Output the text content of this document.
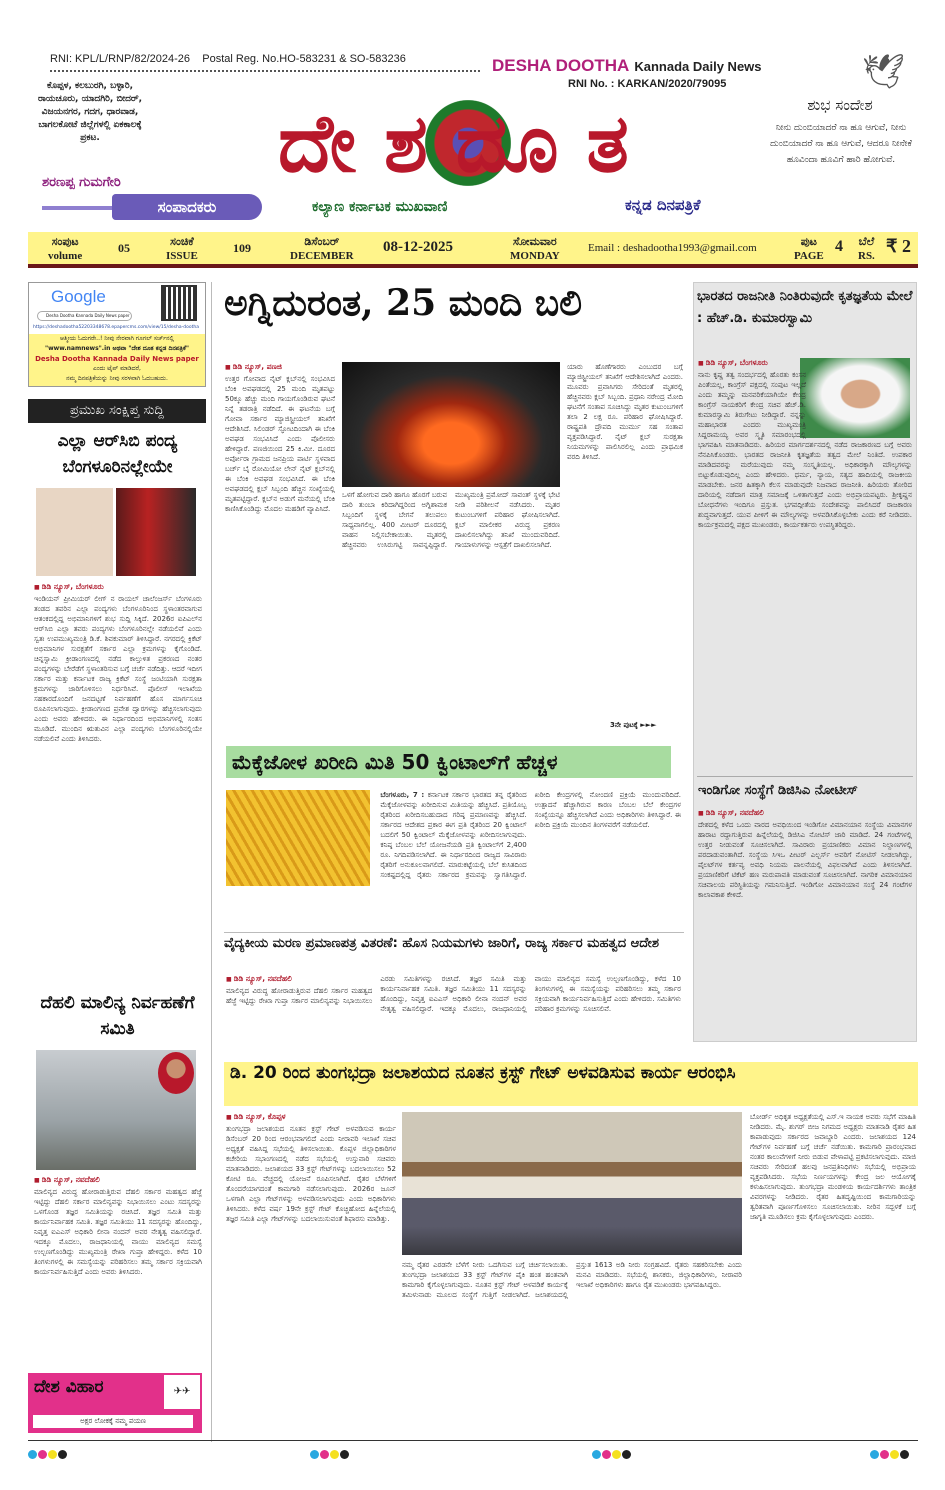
RNI: KPL/L/RNP/82/2024-26    Postal Reg. No.HO-583231 & SO-583236	DESHA DOOTHA Kannada Daily News	🕊
RNI No. : KARKAN/2020/79095
ಕೊಪ್ಪಳ, ಕಲಬುರಗಿ, ಬಳ್ಳಾರಿ, ರಾಯಚೂರು, ಯಾದಗಿರಿ, ಬೀದರ್, ವಿಜಯನಗರ, ಗದಗ, ಧಾರವಾಡ, ಬಾಗಲಕೋಟೆ ಜಿಲ್ಲೆಗಳಲ್ಲಿ ಏಕಕಾಲಕ್ಕೆ ಪ್ರಕಟ.
ಶರಣಪ್ಪ ಗುಮಗೇರಿ
ಸಂಪಾದಕರು
ದೇಶದೂತ
ಕಲ್ಯಾಣ ಕರ್ನಾಟಕ ಮುಖವಾಣಿ	ಕನ್ನಡ ದಿನಪತ್ರಿಕೆ
ಶುಭ ಸಂದೇಶ
ನೀನು ದುಂಬಿಯಾದರೆ ನಾ ಹೂ ಆಗುವೆ, ನೀನು ದುಂಬಿಯಾದರೆ ನಾ ಹೂ ಆಗುವೆ, ಆದರೂ ನೀನೇಕೆ ಹೂವಿಂದಾ ಹೂವಿಗೆ ಹಾರಿ ಹೋಗುವೆ.
ಸಂಪುಟ
volume
05	ಸಂಚಿಕೆ
ISSUE
109	ಡಿಸೆಂಬರ್
DECEMBER
08-12-2025	ಸೋಮವಾರ
MONDAY
Email : deshadootha1993@gmail.com	ಪುಟ
PAGE
4 ಬೆಲೆ
RS. ₹ 2
Google
Desha Dootha Kannada Daily News paper
https://deshadootha52203348678.epapercms.com/view/15/desha-dootha
ಆತ್ಮೀಯ ಓದುಗರೇ..! ನೀವು ನೇರವಾಗಿ ಗೂಗಲ್ ಸರ್ಚ್‌ನಲ್ಲಿ
"www.namnews".in ಅಥವಾ "ದೇಶ ದೂತ ಕನ್ನಡ ದಿನಪತ್ರಿಕೆ"
Desha Dootha Kannada Daily News paper
ಎಂದು ಟೈಪ್ ಮಾಡಿದರೆ,
ನಮ್ಮ ದಿನಪತ್ರಿಕೆಯನ್ನು ನೀವು ಸರಳವಾಗಿ ಓದಬಹುದು.
ಪ್ರಮುಖ ಸಂಕ್ಷಿಪ್ತ ಸುದ್ದಿ
ಎಲ್ಲಾ ಆರ್‌ಸಿಬಿ ಪಂದ್ಯ ಬೆಂಗಳೂರಿನಲ್ಲೇಯೇ
■ ಡಿಡಿ ನ್ಯೂಸ್, ಬೆಂಗಳೂರು
ಇಂಡಿಯನ್ ಪ್ರೀಮಿಯರ್ ಲೀಗ್ ನ ರಾಯಲ್ ಚಾಲೆಂಜರ್ಸ್ ಬೆಂಗಳೂರು ತಂಡದ ತವರಿನ ಎಲ್ಲಾ ಪಂದ್ಯಗಳು ಬೆಂಗಳೂರಿನಿಂದ ಸ್ಥಳಾಂತರವಾಗುವ ಆತಂಕದಲ್ಲಿದ್ದ ಅಭಿಮಾನಿಗಳಿಗೆ ಶುಭ ಸುದ್ದಿ ಸಿಕ್ಕಿದೆ. 2026ರ ಐಪಿಎಲ್‌ನ ಆರ್‌ಸಿಬಿ ಎಲ್ಲಾ ತವರು ಪಂದ್ಯಗಳು ಬೆಂಗಳೂರಿನಲ್ಲೇ ನಡೆಯಲಿವೆ ಎಂದು ಸ್ವತಃ ಉಪಮುಖ್ಯಮಂತ್ರಿ ಡಿ.ಕೆ. ಶಿವಕುಮಾರ್ ತಿಳಿಸಿದ್ದಾರೆ. ನಗರದಲ್ಲಿ ಕ್ರಿಕೆಟ್ ಅಭಿಮಾನಿಗಳ ಸುರಕ್ಷತೆಗೆ ಸರ್ಕಾರ ಎಲ್ಲಾ ಕ್ರಮಗಳನ್ನು ಕೈಗೊಂಡಿದೆ. ಚಿನ್ನಸ್ವಾಮಿ ಕ್ರೀಡಾಂಗಣದಲ್ಲಿ ನಡೆದ ಕಾಲ್ತುಳಿತ ಪ್ರಕರಣದ ನಂತರ ಪಂದ್ಯಗಳನ್ನು ಬೇರೆಡೆಗೆ ಸ್ಥಳಾಂತರಿಸುವ ಬಗ್ಗೆ ಚರ್ಚೆ ನಡೆದಿತ್ತು. ಆದರೆ ಇದೀಗ ಸರ್ಕಾರ ಮತ್ತು ಕರ್ನಾಟಕ ರಾಜ್ಯ ಕ್ರಿಕೆಟ್ ಸಂಸ್ಥೆ ಜಂಟಿಯಾಗಿ ಸುರಕ್ಷತಾ ಕ್ರಮಗಳನ್ನು ಜಾರಿಗೊಳಿಸಲು ನಿರ್ಧರಿಸಿವೆ. ಪೊಲೀಸ್ ಇಲಾಖೆಯ ಸಹಕಾರದೊಂದಿಗೆ ಜನದಟ್ಟಣೆ ನಿರ್ವಹಣೆಗೆ ಹೊಸ ಮಾರ್ಗಸೂಚಿ ರೂಪಿಸಲಾಗುವುದು. ಕ್ರೀಡಾಂಗಣದ ಪ್ರವೇಶ ದ್ವಾರಗಳನ್ನು ಹೆಚ್ಚಿಸಲಾಗುವುದು ಎಂದು ಅವರು ಹೇಳಿದರು. ಈ ನಿರ್ಧಾರದಿಂದ ಅಭಿಮಾನಿಗಳಲ್ಲಿ ಸಂತಸ ಮೂಡಿದೆ. ಮುಂದಿನ ಋತುವಿನ ಎಲ್ಲಾ ಪಂದ್ಯಗಳು ಬೆಂಗಳೂರಿನಲ್ಲಿಯೇ ನಡೆಯಲಿವೆ ಎಂದು ತಿಳಿಸಿದರು.
ದೆಹಲಿ ಮಾಲಿನ್ಯ ನಿರ್ವಹಣೆಗೆ ಸಮಿತಿ
■ ಡಿಡಿ ನ್ಯೂಸ್, ನವದೆಹಲಿ
ಮಾಲಿನ್ಯದ ವಿರುದ್ಧ ಹೋರಾಡುತ್ತಿರುವ ದೆಹಲಿ ಸರ್ಕಾರ ಮಹತ್ವದ ಹೆಜ್ಜೆ ಇಟ್ಟಿದ್ದು ದೆಹಲಿ ಸರ್ಕಾರ ಮಾಲಿನ್ಯವನ್ನು ನಿಭಾಯಿಸಲು ಎಂಟು ಸದಸ್ಯರನ್ನು ಒಳಗೊಂಡ ತಜ್ಞರ ಸಮಿತಿಯನ್ನು ರಚಿಸಿದೆ. ತಜ್ಞರ ಸಮಿತಿ ಮತ್ತು ಕಾರ್ಯನಿರ್ವಾಹಕ ಸಮಿತಿ. ತಜ್ಞರ ಸಮಿತಿಯು 11 ಸದಸ್ಯರನ್ನು ಹೊಂದಿದ್ದು, ನಿವೃತ್ತ ಐಎಎಸ್ ಅಧಿಕಾರಿ ಲೀನಾ ನಂದನ್ ಅವರ ನೇತೃತ್ವ ವಹಿಸಲಿದ್ದಾರೆ. ಇದಕ್ಕೂ ಮೊದಲು, ರಾಜಧಾನಿಯಲ್ಲಿ ವಾಯು ಮಾಲಿನ್ಯದ ಸಮಸ್ಯೆ ಉಲ್ಬಣಗೊಂಡಿದ್ದು ಮುಖ್ಯಮಂತ್ರಿ ರೇಖಾ ಗುಪ್ತಾ ಹೇಳಿದ್ದರು. ಕಳೆದ 10 ತಿಂಗಳುಗಳಲ್ಲಿ ಈ ಸಮಸ್ಯೆಯನ್ನು ಪರಿಹರಿಸಲು ತಮ್ಮ ಸರ್ಕಾರ ಸಕ್ರಿಯವಾಗಿ ಕಾರ್ಯನಿರ್ವಹಿಸುತ್ತಿದೆ ಎಂದು ಅವರು ತಿಳಿಸಿದರು.
ದೇಶ ವಿಹಾರ	✈✈
ಅಕ್ಷರ ಲೋಕಕ್ಕೆ ನಮ್ಮ ಪಯಣ
ಅಗ್ನಿದುರಂತ, 25 ಮಂದಿ ಬಲಿ
■ ಡಿಡಿ ನ್ಯೂಸ್, ಪಣಜಿ
ಉತ್ತರ ಗೋವಾದ ನೈಟ್ ಕ್ಲಬ್‌ನಲ್ಲಿ ಸಂಭವಿಸಿದ ಬೆಂಕಿ ಅವಘಡದಲ್ಲಿ 25 ಮಂದಿ ಮೃತಪಟ್ಟು 50ಕ್ಕೂ ಹೆಚ್ಚು ಮಂದಿ ಗಾಯಗೊಂಡಿರುವ ಘಟನೆ ನಿನ್ನೆ ತಡರಾತ್ರಿ ನಡೆದಿದೆ. ಈ ಘಟನೆಯ ಬಗ್ಗೆ ಗೋವಾ ಸರ್ಕಾರ ಮ್ಯಾಜಿಸ್ಟ್ರೀಯಲ್ ತನಿಖೆಗೆ ಆದೇಶಿಸಿದೆ. ಸಿಲಿಂಡರ್ ಸ್ಫೋಟದಿಂದಾಗಿ ಈ ಬೆಂಕಿ ಅವಘಡ ಸಂಭವಿಸಿದೆ ಎಂದು ಪೊಲೀಸರು ಹೇಳಿದ್ದಾರೆ. ಪಣಜಿಯಿಂದ 25 ಕಿ.ಮೀ. ದೂರದ ಅರ್ಪೋರಾ ಗ್ರಾಮದ ಜನಪ್ರಿಯ ಪಾರ್ಟಿ ಸ್ಥಳವಾದ ಬರ್ಚ್ ಬೈ ರೋಮಿಯೋ ಲೇನ್ ನೈಟ್ ಕ್ಲಬ್‌ನಲ್ಲಿ ಈ ಬೆಂಕಿ ಅವಘಡ ಸಂಭವಿಸಿದೆ. ಈ ಬೆಂಕಿ ಅವಘಡದಲ್ಲಿ ಕ್ಲಬ್ ಸಿಬ್ಬಂದಿ ಹೆಚ್ಚಿನ ಸಂಖ್ಯೆಯಲ್ಲಿ ಮೃತಪಟ್ಟಿದ್ದಾರೆ. ಕ್ಲಬ್‌ನ ಅಡುಗೆ ಮನೆಯಲ್ಲಿ ಬೆಂಕಿ ಕಾಣಿಸಿಕೊಂಡಿದ್ದು ಮೊದಲ ಮಹಡಿಗೆ ವ್ಯಾಪಿಸಿದೆ.
ಒಳಗೆ ಹೋಗುವ ದಾರಿ ಹಾಗೂ ಹೊರಗೆ ಬರುವ ದಾರಿ ತುಂಬಾ ಕಿರಿದಾಗಿದ್ದರಿಂದ ಅಗ್ನಿಶಾಮಕ ಸಿಬ್ಬಂದಿಗೆ ಸ್ಥಳಕ್ಕೆ ಬೇಗನೆ ತಲುಪಲು ಸಾಧ್ಯವಾಗಲಿಲ್ಲ. 400 ಮೀಟರ್ ದೂರದಲ್ಲಿ ವಾಹನ ನಿಲ್ಲಿಸಬೇಕಾಯಿತು. ಮೃತರಲ್ಲಿ ಹೆಚ್ಚಿನವರು ಉಸಿರುಗಟ್ಟಿ ಸಾವನ್ನಪ್ಪಿದ್ದಾರೆ. ಮುಖ್ಯಮಂತ್ರಿ ಪ್ರಮೋದ್ ಸಾವಂತ್ ಸ್ಥಳಕ್ಕೆ ಭೇಟಿ ನೀಡಿ ಪರಿಶೀಲನೆ ನಡೆಸಿದರು. ಮೃತರ ಕುಟುಂಬಗಳಿಗೆ ಪರಿಹಾರ ಘೋಷಿಸಲಾಗಿದೆ. ಕ್ಲಬ್ ಮಾಲೀಕರ ವಿರುದ್ಧ ಪ್ರಕರಣ ದಾಖಲಿಸಲಾಗಿದ್ದು ತನಿಖೆ ಮುಂದುವರಿದಿದೆ. ಗಾಯಾಳುಗಳನ್ನು ಆಸ್ಪತ್ರೆಗೆ ದಾಖಲಿಸಲಾಗಿದೆ.
ಯಾರು ಹೊಣೆಗಾರರು ಎಂಬುದರ ಬಗ್ಗೆ ಮ್ಯಾಜಿಸ್ಟ್ರೀಯಲ್ ತನಿಖೆಗೆ ಆದೇಶಿಸಲಾಗಿದೆ ಎಂದರು. ಮೂವರು ಪ್ರವಾಸಿಗರು ಸೇರಿದಂತೆ ಮೃತರಲ್ಲಿ ಹೆಚ್ಚಿನವರು ಕ್ಲಬ್ ಸಿಬ್ಬಂದಿ. ಪ್ರಧಾನಿ ನರೇಂದ್ರ ಮೋದಿ ಘಟನೆಗೆ ಸಂತಾಪ ಸೂಚಿಸಿದ್ದು ಮೃತರ ಕುಟುಂಬಗಳಿಗೆ ತಲಾ 2 ಲಕ್ಷ ರೂ. ಪರಿಹಾರ ಘೋಷಿಸಿದ್ದಾರೆ. ರಾಷ್ಟ್ರಪತಿ ದ್ರೌಪದಿ ಮುರ್ಮು ಸಹ ಸಂತಾಪ ವ್ಯಕ್ತಪಡಿಸಿದ್ದಾರೆ. ನೈಟ್ ಕ್ಲಬ್ ಸುರಕ್ಷತಾ ನಿಯಮಗಳನ್ನು ಪಾಲಿಸಿರಲಿಲ್ಲ ಎಂದು ಪ್ರಾಥಮಿಕ ವರದಿ ತಿಳಿಸಿದೆ.
3ನೇ ಪುಟಕ್ಕೆ ►►►
ಮೆಕ್ಕೆಜೋಳ ಖರೀದಿ ಮಿತಿ 50 ಕ್ವಿಂಟಾಲ್‌ಗೆ ಹೆಚ್ಚಳ
ಬೆಂಗಳೂರು, 7 : ಕರ್ನಾಟಕ ಸರ್ಕಾರ ಭಾರತದ ತನ್ನ ರೈತರಿಂದ ಮೆಕ್ಕೆಜೋಳವನ್ನು ಖರೀದಿಸುವ ಮಿತಿಯನ್ನು ಹೆಚ್ಚಿಸಿದೆ. ಪ್ರತಿಯೊಬ್ಬ ರೈತರಿಂದ ಖರೀದಿಸಬಹುದಾದ ಗರಿಷ್ಠ ಪ್ರಮಾಣವನ್ನು ಹೆಚ್ಚಿಸಿದೆ. ಸರ್ಕಾರದ ಆದೇಶದ ಪ್ರಕಾರ ಈಗ ಪ್ರತಿ ರೈತರಿಂದ 20 ಕ್ವಿಂಟಾಲ್ ಬದಲಿಗೆ 50 ಕ್ವಿಂಟಾಲ್ ಮೆಕ್ಕೆಜೋಳವನ್ನು ಖರೀದಿಸಲಾಗುವುದು. ಕನಿಷ್ಠ ಬೆಂಬಲ ಬೆಲೆ ಯೋಜನೆಯಡಿ ಪ್ರತಿ ಕ್ವಿಂಟಾಲ್‌ಗೆ 2,400 ರೂ. ನಿಗದಿಪಡಿಸಲಾಗಿದೆ. ಈ ನಿರ್ಧಾರದಿಂದ ರಾಜ್ಯದ ಸಾವಿರಾರು ರೈತರಿಗೆ ಅನುಕೂಲವಾಗಲಿದೆ. ಮಾರುಕಟ್ಟೆಯಲ್ಲಿ ಬೆಲೆ ಕುಸಿತದಿಂದ ಸಂಕಷ್ಟದಲ್ಲಿದ್ದ ರೈತರು ಸರ್ಕಾರದ ಕ್ರಮವನ್ನು ಸ್ವಾಗತಿಸಿದ್ದಾರೆ. ಖರೀದಿ ಕೇಂದ್ರಗಳಲ್ಲಿ ನೋಂದಣಿ ಪ್ರಕ್ರಿಯೆ ಮುಂದುವರಿದಿದೆ. ಉತ್ಪಾದನೆ ಹೆಚ್ಚಾಗಿರುವ ಕಾರಣ ಬೆಂಬಲ ಬೆಲೆ ಕೇಂದ್ರಗಳ ಸಂಖ್ಯೆಯನ್ನೂ ಹೆಚ್ಚಿಸಲಾಗಿದೆ ಎಂದು ಅಧಿಕಾರಿಗಳು ತಿಳಿಸಿದ್ದಾರೆ. ಈ ಖರೀದಿ ಪ್ರಕ್ರಿಯೆ ಮುಂದಿನ ತಿಂಗಳವರೆಗೆ ನಡೆಯಲಿದೆ.
ವೈದ್ಯಕೀಯ ಮರಣ ಪ್ರಮಾಣಪತ್ರ ವಿತರಣೆ: ಹೊಸ ನಿಯಮಗಳು ಜಾರಿಗೆ, ರಾಜ್ಯ ಸರ್ಕಾರ ಮಹತ್ವದ ಆದೇಶ
■ ಡಿಡಿ ನ್ಯೂಸ್, ನವದೆಹಲಿ
ಮಾಲಿನ್ಯದ ವಿರುದ್ಧ ಹೋರಾಡುತ್ತಿರುವ ದೆಹಲಿ ಸರ್ಕಾರ ಮಹತ್ವದ ಹೆಜ್ಜೆ ಇಟ್ಟಿದ್ದು ರೇಖಾ ಗುಪ್ತಾ ಸರ್ಕಾರ ಮಾಲಿನ್ಯವನ್ನು ನಿಭಾಯಿಸಲು ಎರಡು ಸಮಿತಿಗಳನ್ನು ರಚಿಸಿದೆ. ತಜ್ಞರ ಸಮಿತಿ ಮತ್ತು ಕಾರ್ಯನಿರ್ವಾಹಕ ಸಮಿತಿ. ತಜ್ಞರ ಸಮಿತಿಯು 11 ಸದಸ್ಯರನ್ನು ಹೊಂದಿದ್ದು, ನಿವೃತ್ತ ಐಎಎಸ್ ಅಧಿಕಾರಿ ಲೀನಾ ನಂದನ್ ಅವರ ನೇತೃತ್ವ ವಹಿಸಲಿದ್ದಾರೆ. ಇದಕ್ಕೂ ಮೊದಲು, ರಾಜಧಾನಿಯಲ್ಲಿ ವಾಯು ಮಾಲಿನ್ಯದ ಸಮಸ್ಯೆ ಉಲ್ಬಣಗೊಂಡಿದ್ದು, ಕಳೆದ 10 ತಿಂಗಳುಗಳಲ್ಲಿ ಈ ಸಮಸ್ಯೆಯನ್ನು ಪರಿಹರಿಸಲು ತಮ್ಮ ಸರ್ಕಾರ ಸಕ್ರಿಯವಾಗಿ ಕಾರ್ಯನಿರ್ವಹಿಸುತ್ತಿದೆ ಎಂದು ಹೇಳಿದರು. ಸಮಿತಿಗಳು ಪರಿಹಾರ ಕ್ರಮಗಳನ್ನು ಸೂಚಿಸಲಿವೆ.
ಭಾರತದ ರಾಜನೀತಿ ನಿಂತಿರುವುದೇ ಕೃತಜ್ಞತೆಯ ಮೇಲೆ : ಹೆಚ್.ಡಿ. ಕುಮಾರಸ್ವಾಮಿ
■ ಡಿಡಿ ನ್ಯೂಸ್, ಬೆಂಗಳೂರು
ನಾನು ಕೃಷ್ಣ ತತ್ವ ಸಂದರ್ಭದಲ್ಲಿ ಹೊರತು ಕಂಸನ ಪಿಂತೆಯಲ್ಲ, ಕಾಂಗ್ರೆಸ್ ಪಕ್ಷದಲ್ಲಿ ಸಂಪುಟ ಇಲ್ಲದೆ ಎಂದು ತಮ್ಮನ್ನು ಮನವರಿಕೆಯಾಗಿಯೇ ಕೇಂದ್ರ ಕಾಂಗ್ರೆಸ್ ನಾಯಕರಿಗೆ ಕೇಂದ್ರ ಸಚಿವ ಹೆಚ್.ಡಿ. ಕುಮಾರಸ್ವಾಮಿ ತಿರುಗೇಟು ನೀಡಿದ್ದಾರೆ. ನನ್ನನ್ನು ಮಹಾಭಾರತ ಎಂದರು ಮುಖ್ಯಮಂತ್ರಿ ಸಿದ್ದರಾಮಯ್ಯ ಅವರ ಸ್ಮೃತಿ ಸಮಾರಂಭದಲ್ಲಿ ಭಾಗವಹಿಸಿ ಮಾತನಾಡಿದರು. ಹಿರಿಯರ ಮಾರ್ಗದರ್ಶನದಲ್ಲಿ ನಡೆದ ರಾಜಕಾರಣದ ಬಗ್ಗೆ ಅವರು ನೆನಪಿಸಿಕೊಂಡರು. ಭಾರತದ ರಾಜನೀತಿ ಕೃತಜ್ಞತೆಯ ತತ್ವದ ಮೇಲೆ ನಿಂತಿದೆ. ಉಪಕಾರ ಮಾಡಿದವರನ್ನು ಮರೆಯುವುದು ನಮ್ಮ ಸಂಸ್ಕೃತಿಯಲ್ಲ. ಅಧಿಕಾರಕ್ಕಾಗಿ ಮೌಲ್ಯಗಳನ್ನು ಬಿಟ್ಟುಕೊಡುವುದಿಲ್ಲ ಎಂದು ಹೇಳಿದರು. ಧರ್ಮ, ನ್ಯಾಯ, ಸತ್ಯದ ಹಾದಿಯಲ್ಲಿ ರಾಜಕೀಯ ಮಾಡಬೇಕು. ಜನರ ಹಿತಕ್ಕಾಗಿ ಕೆಲಸ ಮಾಡುವುದೇ ನಿಜವಾದ ರಾಜನೀತಿ. ಹಿರಿಯರು ತೋರಿದ ದಾರಿಯಲ್ಲಿ ನಡೆದಾಗ ಮಾತ್ರ ಸಮಾಜಕ್ಕೆ ಒಳಿತಾಗುತ್ತದೆ ಎಂದು ಅಭಿಪ್ರಾಯಪಟ್ಟರು. ಶ್ರೀಕೃಷ್ಣನ ಬೋಧನೆಗಳು ಇಂದಿಗೂ ಪ್ರಸ್ತುತ. ಭಗವದ್ಗೀತೆಯ ಸಂದೇಶವನ್ನು ಪಾಲಿಸಿದರೆ ರಾಜಕಾರಣ ಶುದ್ಧವಾಗುತ್ತದೆ. ಯುವ ಪೀಳಿಗೆ ಈ ಮೌಲ್ಯಗಳನ್ನು ಅಳವಡಿಸಿಕೊಳ್ಳಬೇಕು ಎಂದು ಕರೆ ನೀಡಿದರು. ಕಾರ್ಯಕ್ರಮದಲ್ಲಿ ಪಕ್ಷದ ಮುಖಂಡರು, ಕಾರ್ಯಕರ್ತರು ಉಪಸ್ಥಿತರಿದ್ದರು.
ಇಂಡಿಗೋ ಸಂಸ್ಥೆಗೆ ಡಿಜಿಸಿಎ ನೋಟೀಸ್
■ ಡಿಡಿ ನ್ಯೂಸ್, ನವದೆಹಲಿ
ದೇಶದಲ್ಲಿ ಕಳೆದ ಒಂದು ವಾರದ ಅವಧಿಯಿಂದ ಇಂಡಿಗೋ ವಿಮಾನಯಾನ ಸಂಸ್ಥೆಯ ವಿಮಾನಗಳ ಹಾರಾಟ ರದ್ದಾಗುತ್ತಿರುವ ಹಿನ್ನೆಲೆಯಲ್ಲಿ ಡಿಜಿಸಿಎ ನೋಟಿಸ್ ಜಾರಿ ಮಾಡಿದೆ. 24 ಗಂಟೆಗಳಲ್ಲಿ ಉತ್ತರ ನೀಡುವಂತೆ ಸೂಚಿಸಲಾಗಿದೆ. ಸಾವಿರಾರು ಪ್ರಯಾಣಿಕರು ವಿಮಾನ ನಿಲ್ದಾಣಗಳಲ್ಲಿ ಪರದಾಡುವಂತಾಗಿದೆ. ಸಂಸ್ಥೆಯ ಸಿಇಒ ಪೀಟರ್ ಎಲ್ಬರ್ಸ್ ಅವರಿಗೆ ನೋಟಿಸ್ ನೀಡಲಾಗಿದ್ದು, ಪೈಲಟ್‌ಗಳ ಕರ್ತವ್ಯ ಅವಧಿ ನಿಯಮ ಪಾಲನೆಯಲ್ಲಿ ವಿಫಲವಾಗಿದೆ ಎಂದು ತಿಳಿಸಲಾಗಿದೆ. ಪ್ರಯಾಣಿಕರಿಗೆ ಟಿಕೆಟ್ ಹಣ ಮರುಪಾವತಿ ಮಾಡುವಂತೆ ಸೂಚಿಸಲಾಗಿದೆ. ನಾಗರಿಕ ವಿಮಾನಯಾನ ಸಚಿವಾಲಯ ಪರಿಸ್ಥಿತಿಯನ್ನು ಗಮನಿಸುತ್ತಿದೆ. ಇಂಡಿಗೋ ವಿಮಾನಯಾನ ಸಂಸ್ಥೆ 24 ಗಂಟೆಗಳ ಕಾಲಾವಕಾಶ ಕೇಳಿದೆ.
ಡಿ. 20 ರಿಂದ ತುಂಗಭದ್ರಾ ಜಲಾಶಯದ ನೂತನ ಕ್ರಸ್ಟ್ ಗೇಟ್ ಅಳವಡಿಸುವ ಕಾರ್ಯ ಆರಂಭಿಸಿ
■ ಡಿಡಿ ನ್ಯೂಸ್, ಕೊಪ್ಪಳ
ತುಂಗಭದ್ರಾ ಜಲಾಶಯದ ನೂತನ ಕ್ರಸ್ಟ್ ಗೇಟ್ ಅಳವಡಿಸುವ ಕಾರ್ಯ ಡಿಸೆಂಬರ್ 20 ರಿಂದ ಆರಂಭವಾಗಲಿದೆ ಎಂದು ನೀರಾವರಿ ಇಲಾಖೆ ಸಚಿವ ಅಧ್ಯಕ್ಷತೆ ವಹಿಸಿದ್ದ ಸಭೆಯಲ್ಲಿ ತಿಳಿಸಲಾಯಿತು. ಕೊಪ್ಪಳ ಜಿಲ್ಲಾಧಿಕಾರಿಗಳ ಕಚೇರಿಯ ಸಭಾಂಗಣದಲ್ಲಿ ನಡೆದ ಸಭೆಯಲ್ಲಿ ಉಸ್ತುವಾರಿ ಸಚಿವರು ಮಾತನಾಡಿದರು. ಜಲಾಶಯದ 33 ಕ್ರಸ್ಟ್ ಗೇಟ್‌ಗಳನ್ನು ಬದಲಾಯಿಸಲು 52 ಕೋಟಿ ರೂ. ವೆಚ್ಚದಲ್ಲಿ ಯೋಜನೆ ರೂಪಿಸಲಾಗಿದೆ. ರೈತರ ಬೆಳೆಗಳಿಗೆ ತೊಂದರೆಯಾಗದಂತೆ ಕಾಮಗಾರಿ ನಡೆಸಲಾಗುವುದು. 2026ರ ಜೂನ್ ಒಳಗಾಗಿ ಎಲ್ಲಾ ಗೇಟ್‌ಗಳನ್ನು ಅಳವಡಿಸಲಾಗುವುದು ಎಂದು ಅಧಿಕಾರಿಗಳು ತಿಳಿಸಿದರು. ಕಳೆದ ವರ್ಷ 19ನೇ ಕ್ರಸ್ಟ್ ಗೇಟ್ ಕೊಚ್ಚಿಹೋದ ಹಿನ್ನೆಲೆಯಲ್ಲಿ ತಜ್ಞರ ಸಮಿತಿ ಎಲ್ಲಾ ಗೇಟ್‌ಗಳನ್ನು ಬದಲಾಯಿಸುವಂತೆ ಶಿಫಾರಸು ಮಾಡಿತ್ತು.
ನಮ್ಮ ರೈತರ ಎರಡನೇ ಬೆಳೆಗೆ ನೀರು ಒದಗಿಸುವ ಬಗ್ಗೆ ಚರ್ಚಿಸಲಾಯಿತು. ತುಂಗಭದ್ರಾ ಜಲಾಶಯದ 33 ಕ್ರಸ್ಟ್ ಗೇಟ್‌ಗಳ ಪೈಕಿ ಹಂತ ಹಂತವಾಗಿ ಕಾಮಗಾರಿ ಕೈಗೊಳ್ಳಲಾಗುವುದು. ನೂತನ ಕ್ರಸ್ಟ್ ಗೇಟ್ ಅಳವಡಿಕೆ ಕಾರ್ಯಕ್ಕೆ ತಮಿಳುನಾಡು ಮೂಲದ ಸಂಸ್ಥೆಗೆ ಗುತ್ತಿಗೆ ನೀಡಲಾಗಿದೆ. ಜಲಾಶಯದಲ್ಲಿ ಪ್ರಸ್ತುತ 1613 ಅಡಿ ನೀರು ಸಂಗ್ರಹವಿದೆ. ರೈತರು ಸಹಕರಿಸಬೇಕು ಎಂದು ಮನವಿ ಮಾಡಿದರು. ಸಭೆಯಲ್ಲಿ ಶಾಸಕರು, ಜಿಲ್ಲಾಧಿಕಾರಿಗಳು, ನೀರಾವರಿ ಇಲಾಖೆ ಅಧಿಕಾರಿಗಳು ಹಾಗೂ ರೈತ ಮುಖಂಡರು ಭಾಗವಹಿಸಿದ್ದರು.
ಬೋರ್ಡ್ ಅಧಿಕೃತ ಅಧ್ಯಕ್ಷತೆಯಲ್ಲಿ ಎಸ್.ಇ ನಾಯಕ ಅವರು ಸಭೆಗೆ ಮಾಹಿತಿ ನೀಡಿದರು. ಮೈ. ಶುಗರ್ ಬೀಜ ನಿಗಮದ ಅಧ್ಯಕ್ಷರು ಮಾತನಾಡಿ ರೈತರ ಹಿತ ಕಾಪಾಡುವುದು ಸರ್ಕಾರದ ಜವಾಬ್ದಾರಿ ಎಂದರು. ಜಲಾಶಯದ 124 ಗೇಟ್‌ಗಳ ನಿರ್ವಹಣೆ ಬಗ್ಗೆ ಚರ್ಚೆ ನಡೆಯಿತು. ಕಾಮಗಾರಿ ಪ್ರಾರಂಭವಾದ ನಂತರ ಕಾಲುವೆಗಳಿಗೆ ನೀರು ಬಿಡುವ ವೇಳಾಪಟ್ಟಿ ಪ್ರಕಟಿಸಲಾಗುವುದು. ಮಾಜಿ ಸಚಿವರು ಸೇರಿದಂತೆ ಹಲವು ಜನಪ್ರತಿನಿಧಿಗಳು ಸಭೆಯಲ್ಲಿ ಅಭಿಪ್ರಾಯ ವ್ಯಕ್ತಪಡಿಸಿದರು. ಸಭೆಯ ನಿರ್ಣಯಗಳನ್ನು ಕೇಂದ್ರ ಜಲ ಆಯೋಗಕ್ಕೆ ಕಳುಹಿಸಲಾಗುವುದು. ತುಂಗಭದ್ರಾ ಮಂಡಳಿಯ ಕಾರ್ಯದರ್ಶಿಗಳು ತಾಂತ್ರಿಕ ವಿವರಗಳನ್ನು ನೀಡಿದರು. ರೈತರ ಹಿತದೃಷ್ಟಿಯಿಂದ ಕಾಮಗಾರಿಯನ್ನು ತ್ವರಿತವಾಗಿ ಪೂರ್ಣಗೊಳಿಸಲು ಸೂಚಿಸಲಾಯಿತು. ನೀರಿನ ಸದ್ಬಳಕೆ ಬಗ್ಗೆ ಜಾಗೃತಿ ಮೂಡಿಸಲು ಕ್ರಮ ಕೈಗೊಳ್ಳಲಾಗುವುದು ಎಂದರು.
